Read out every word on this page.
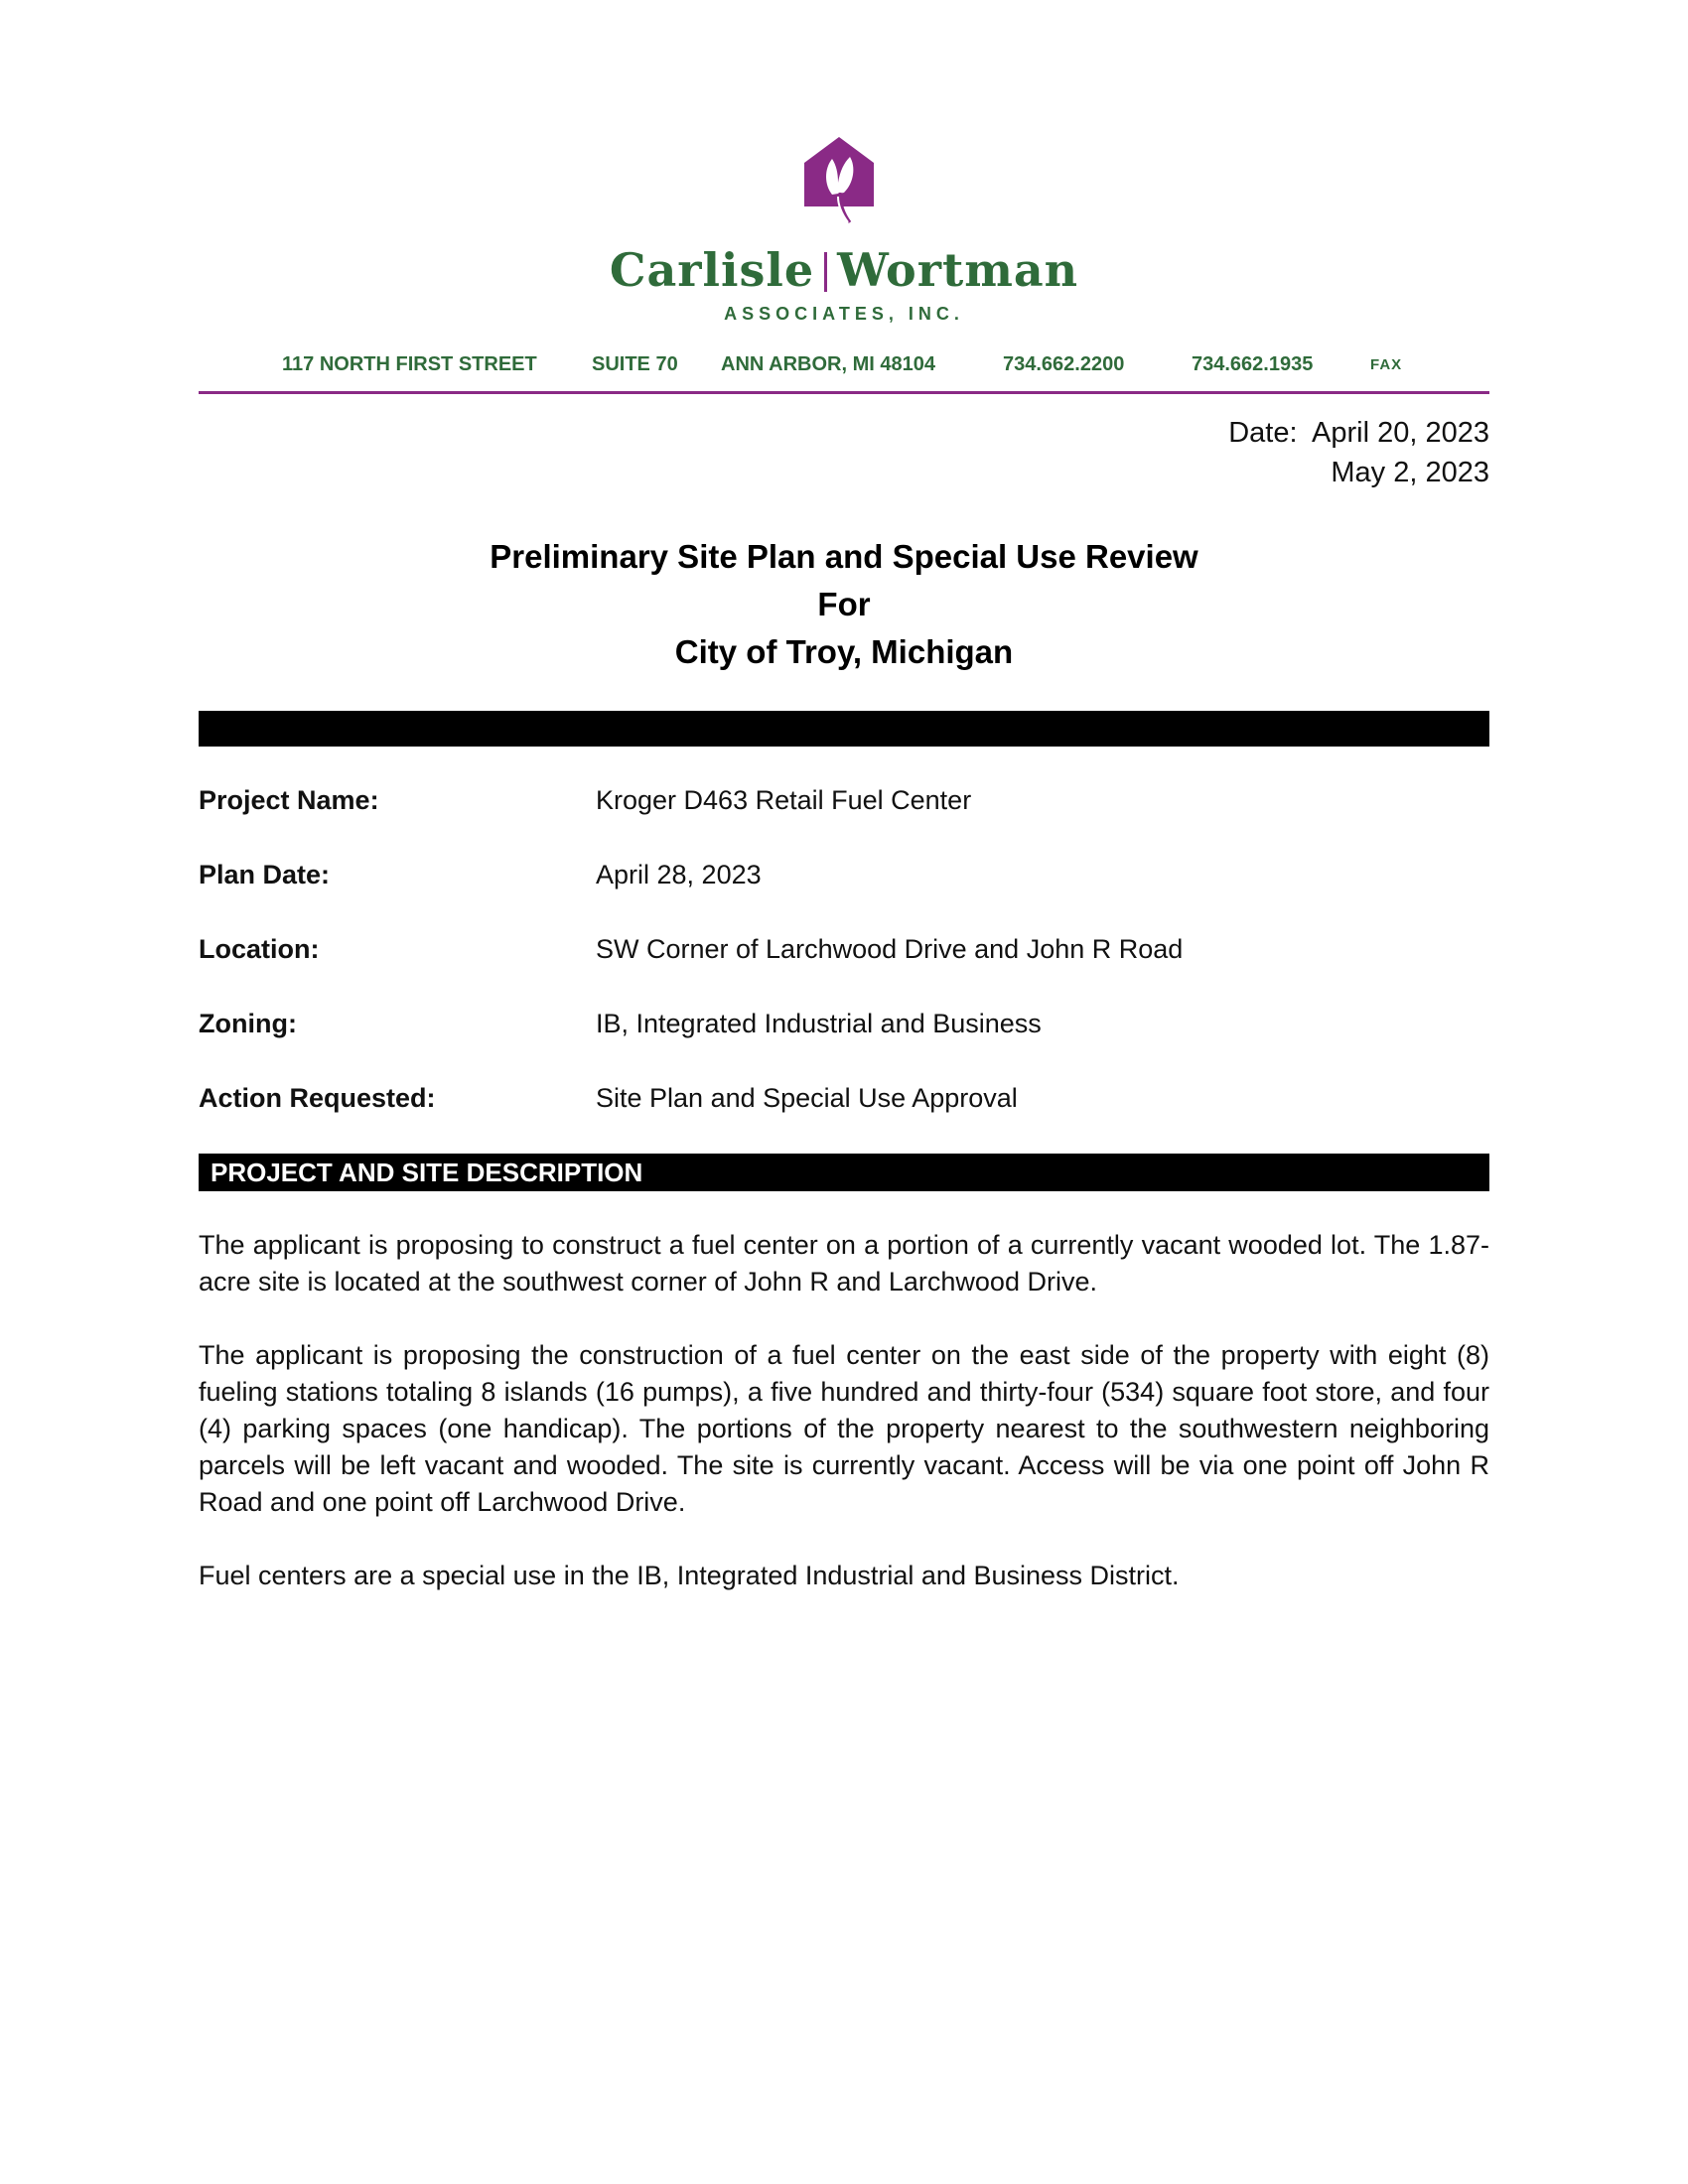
Carlisle Wortman
ASSOCIATES, INC.
117 NORTH FIRST STREET	SUITE 70 ANN ARBOR, MI 48104	734.662.2200	734.662.1935	FAX
Date:  April 20, 2023
May 2, 2023
Preliminary Site Plan and Special Use Review
For
City of Troy, Michigan
Project Name:	Kroger D463 Retail Fuel Center
Plan Date:	April 28, 2023
Location:	SW Corner of Larchwood Drive and John R Road
Zoning:	IB, Integrated Industrial and Business
Action Requested:	Site Plan and Special Use Approval
PROJECT AND SITE DESCRIPTION

The applicant is proposing to construct a fuel center on a portion of a currently vacant wooded lot. The 1.87-acre site is located at the southwest corner of John R and Larchwood Drive.

The applicant is proposing the construction of a fuel center on the east side of the property with eight (8) fueling stations totaling 8 islands (16 pumps), a five hundred and thirty-four (534) square foot store, and four (4) parking spaces (one handicap). The portions of the property nearest to the southwestern neighboring parcels will be left vacant and wooded. The site is currently vacant. Access will be via one point off John R Road and one point off Larchwood Drive.

Fuel centers are a special use in the IB, Integrated Industrial and Business District.
